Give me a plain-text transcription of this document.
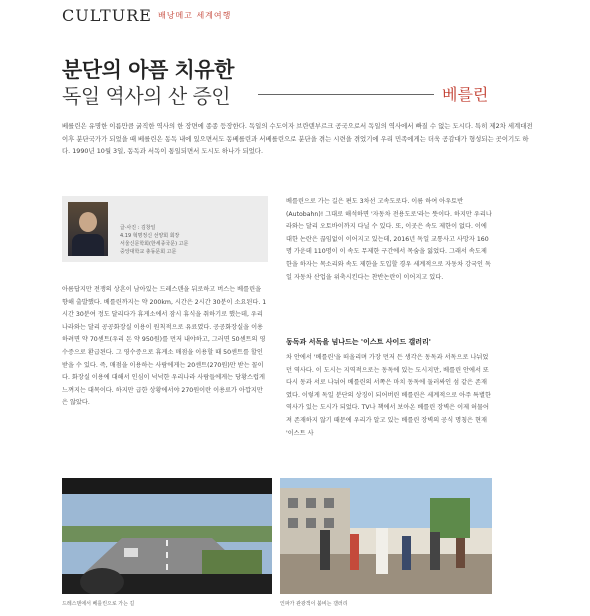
CULTURE 배낭메고 세계여행
분단의 아픔 치유한
독일 역사의 산 증인	베를린

베를린은 유명한 이름만큼 굵직한 역사의 한 장면에 종종 등장한다. 독일의 수도이자 브란덴부르크 공국으로서 독일의 역사에서 빠질 수 없는 도시다. 특히 제2차 세계대전 이후 분단국가가 되었을 때 베를린은 동독 내에 있으면서도 동베를린과 서베를린으로 분단을 겪는 시련을 겪었기에 우리 민족에게는 더욱 공감대가 형성되는 곳이기도 하다. 1990년 10월 3일, 동독과 서독이 통일되면서 도시도 하나가 되었다.

글·사진 : 김창일
4.19 혁명정신 선양회 회장
서울신문학회(한세종국문) 고문
중앙대학교 총동문회 고문

아름답지만 전쟁의 상흔이 남아있는 드레스덴을 뒤로하고 버스는 베를린을 향해 출발했다. 베를린까지는 약 200km, 시간은 2시간 30분이 소요된다. 1시간 30분여 정도 달리다가 휴게소에서 잠시 휴식을 취하기로 했는데, 우리나라와는 달리 공공화장실 이용이 원칙적으로 유료였다. 공공화장실을 이용하려면 약 70센트(우리 돈 약 950원)를 먼저 내야하고, 그러면 50센트의 영수증으로 환급된다. 그 영수증으로 휴게소 매점을 이용할 때 50센트를 할인받을 수 있다. 즉, 매점을 이용하는 사람에게는 20센트(270원)만 받는 꼴이다. 화장실 이용에 대해서 인심이 넉넉한 우리나라 사람들에게는 당황스럽게 느껴지는 대목이다. 하지만 급한 상황에서야 270원이란 이용료가 아깝지만은 않았다.

베를린으로 가는 길은 편도 3차선 고속도로다. 이름 하여 아우토반(Autobahn)! 그대로 해석하면 '자동차 전용도로'라는 뜻이다. 하지만 우리나라와는 달리 오토바이까지 다닐 수 있다. 또, 이곳은 속도 제한이 없다. 이에 대한 논란은 끊임없이 이어지고 있는데, 2016년 독일 교통사고 사망자 160명 가운데 110명이 이 속도 무제한 구간에서 목숨을 잃었다. 그래서 속도제한을 하자는 목소리와 속도 제한을 도입할 경우 세계적으로 자동차 강국인 독일 자동차 산업을 위축시킨다는 찬반논란이 이어지고 있다.

동독과 서독을 넘나드는 '이스트 사이드 갤러리'

차 안에서 '베를린'을 떠올리며 가장 먼저 든 생각은 동독과 서독으로 나뉘었던 역사다. 이 도시는 지역적으로는 동독에 있는 도시지만, 베를린 안에서 또다시 동과 서로 나뉘어 베를린의 서쪽은 마치 동독에 둘러싸인 섬 같은 존재였다. 이렇게 독일 분단의 상징이 되어버린 베를린은 세계적으로 아주 특별한 역사가 있는 도시가 되었다. TV나 책에서 보아온 베를린 장벽은 이제 허물어져 존재하지 않기 때문에 우리가 알고 있는 베를린 장벽의 공식 명칭은 현재 '이스트 사

드레스덴에서 베를린으로 가는 길	인파가 관광객이 붐비는 갤러리
